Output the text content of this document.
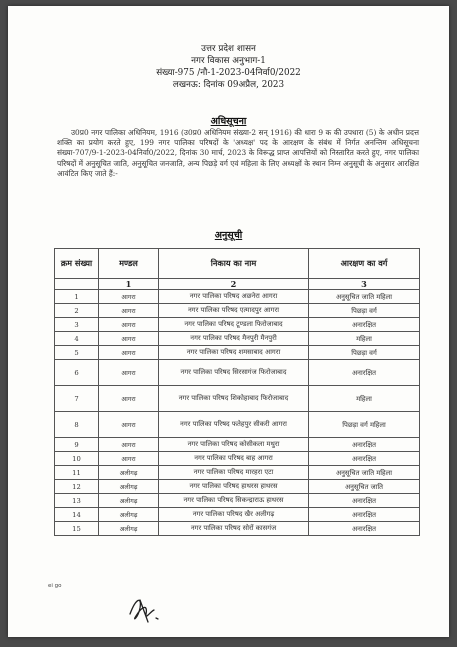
उत्तर प्रदेश शासन
नगर विकास अनुभाग-1
संख्या-975 /नौ-1-2023-04निर्वा0/2022
लखनऊ: दिनांक 09अप्रैल, 2023
अधिसूचना
उ0प्र0 नगर पालिका अधिनियम, 1916 (उ0प्र0 अधिनियम संख्या-2 सन् 1916) की धारा 9 क की उपधारा (5) के अधीन प्रदत्त शक्ति का प्रयोग करते हुए, 199 नगर पालिका परिषदों के 'अध्यक्ष' पद के आरक्षण के संबंध में निर्गत अनन्तिम अधिसूचना संख्या-707/9-1-2023-04निर्वा0/2022, दिनांक 30 मार्च, 2023 के विरूद्ध प्राप्त आपत्तियों को निस्तारित करते हुए, नगर पालिका परिषदों में अनुसूचित जाति, अनुसूचित जनजाति, अन्य पिछड़े वर्ग एवं महिला के लिए अध्यक्षों के स्थान निम्न अनुसूची के अनुसार आरक्षित आवंटित किए जाते हैं:-
अनुसूची
क्रम संख्या	मण्डल	निकाय का नाम	आरक्षण का वर्ग
	1	2	3
1	आगरा	नगर पालिका परिषद अछनेरा आगरा	अनुसूचित जाति महिला
2	आगरा	नगर पालिका परिषद एत्मादपुर आगरा	पिछड़ा वर्ग
3	आगरा	नगर पालिका परिषद टूण्डला फिरोजाबाद	अनारक्षित
4	आगरा	नगर पालिका परिषद मैनपुरी मैनपुरी	महिला
5	आगरा	नगर पालिका परिषद शमसाबाद आगरा	पिछड़ा वर्ग
6	आगरा	नगर पालिका परिषद सिरसागंज फिरोजाबाद	अनारक्षित
7	आगरा	नगर पालिका परिषद शिकोहाबाद फिरोजाबाद	महिला
8	आगरा	नगर पालिका परिषद फतेहपुर सीकरी आगरा	पिछड़ा वर्ग महिला
9	आगरा	नगर पालिका परिषद कोसीकला मथुरा	अनारक्षित
10	आगरा	नगर पालिका परिषद बाह आगरा	अनारक्षित
11	अलीगढ़	नगर पालिका परिषद मारहरा एटा	अनुसूचित जाति महिला
12	अलीगढ़	नगर पालिका परिषद हाथरस हाथरस	अनुसूचित जाति
13	अलीगढ़	नगर पालिका परिषद सिकन्द्राराऊ हाथरस	अनारक्षित
14	अलीगढ़	नगर पालिका परिषद खैर अलीगढ़	अनारक्षित
15	अलीगढ़	नगर पालिका परिषद सोरों कासगंज	अनारक्षित
ei go
